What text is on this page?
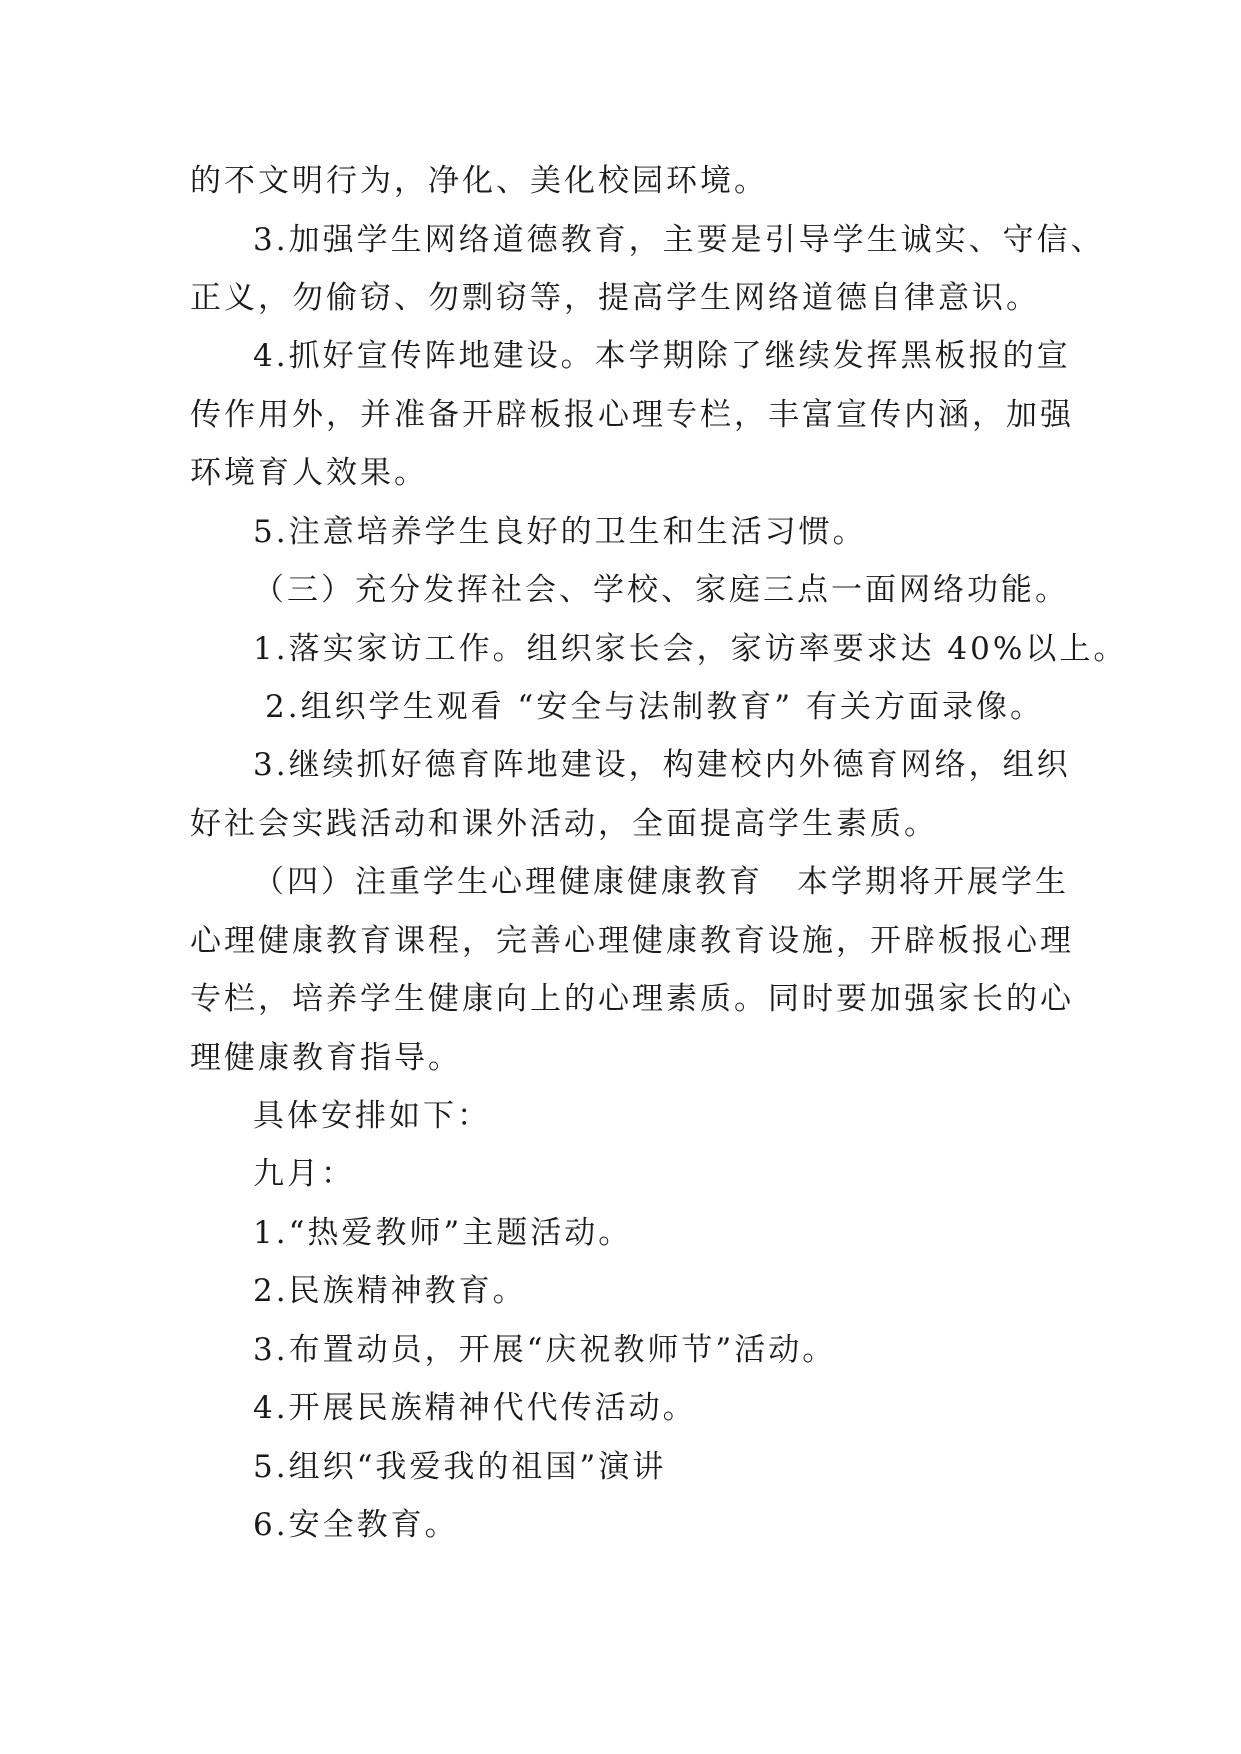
的不文明行为，净化、美化校园环境。
3.加强学生网络道德教育，主要是引导学生诚实、守信、
正义，勿偷窃、勿剽窃等，提高学生网络道德自律意识。
4.抓好宣传阵地建设。本学期除了继续发挥黑板报的宣
传作用外，并准备开辟板报心理专栏，丰富宣传内涵，加强
环境育人效果。
5.注意培养学生良好的卫生和生活习惯。
（三）充分发挥社会、学校、家庭三点一面网络功能。
1.落实家访工作。组织家长会，家访率要求达 40%以上。
2.组织学生观看 “安全与法制教育” 有关方面录像。
3.继续抓好德育阵地建设，构建校内外德育网络，组织
好社会实践活动和课外活动，全面提高学生素质。
（四）注重学生心理健康健康教育　本学期将开展学生
心理健康教育课程，完善心理健康教育设施，开辟板报心理
专栏，培养学生健康向上的心理素质。同时要加强家长的心
理健康教育指导。
具体安排如下：
九月：
1.“热爱教师”主题活动。
2.民族精神教育。
3.布置动员，开展“庆祝教师节”活动。
4.开展民族精神代代传活动。
5.组织“我爱我的祖国”演讲
6.安全教育。
